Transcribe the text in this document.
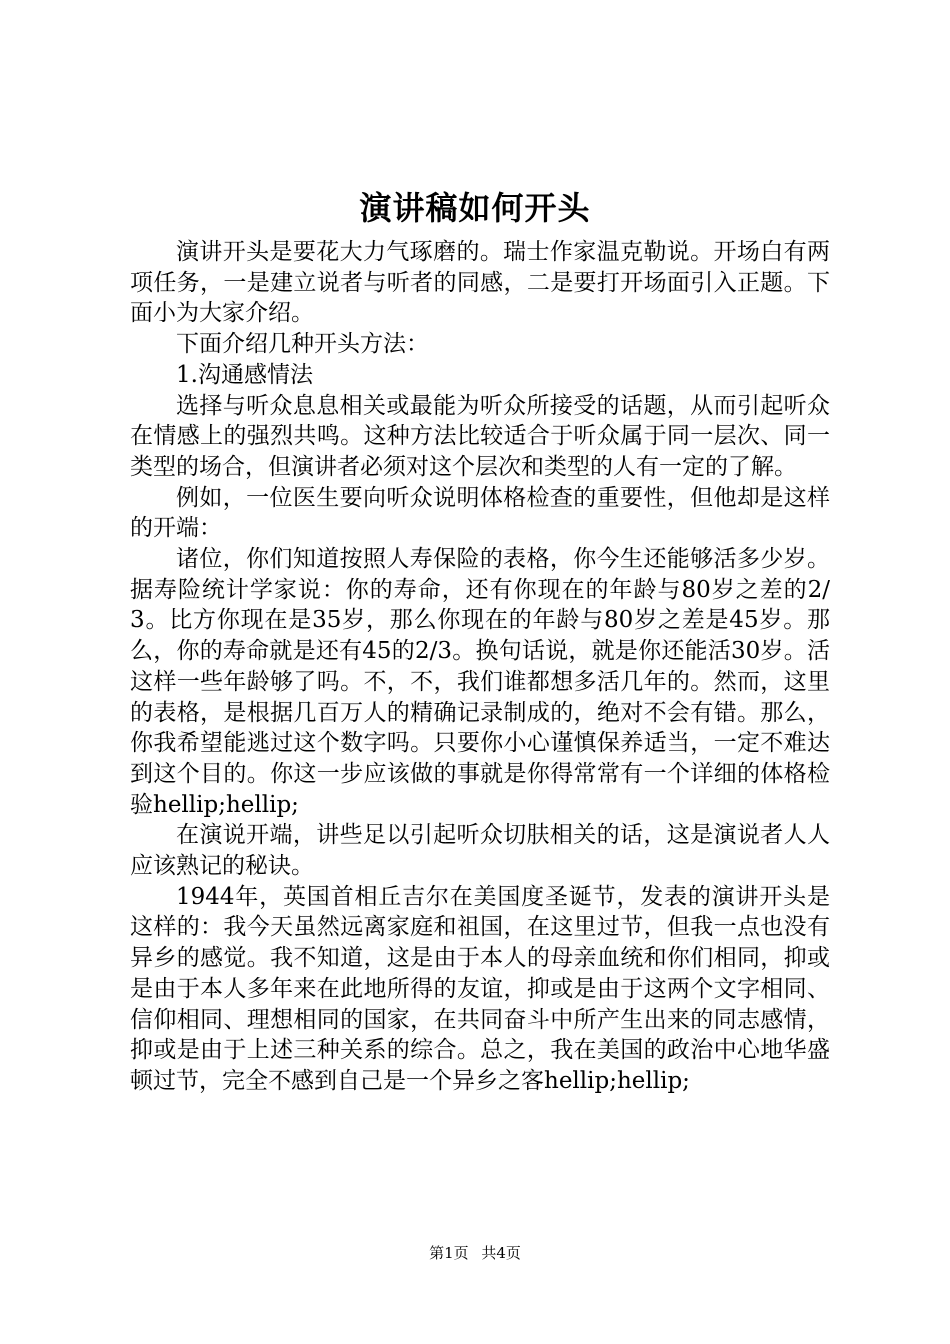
演讲稿如何开头

演讲开头是要花大力气琢磨的。瑞士作家温克勒说。开场白有两项任务，一是建立说者与听者的同感，二是要打开场面引入正题。下面小为大家介绍。

下面介绍几种开头方法：

1.沟通感情法

选择与听众息息相关或最能为听众所接受的话题，从而引起听众在情感上的强烈共鸣。这种方法比较适合于听众属于同一层次、同一类型的场合，但演讲者必须对这个层次和类型的人有一定的了解。

例如，一位医生要向听众说明体格检查的重要性，但他却是这样的开端：

诸位，你们知道按照人寿保险的表格，你今生还能够活多少岁。据寿险统计学家说：你的寿命，还有你现在的年龄与80岁之差的2/3。比方你现在是35岁，那么你现在的年龄与80岁之差是45岁。那么，你的寿命就是还有45的2/3。换句话说，就是你还能活30岁。活这样一些年龄够了吗。不，不，我们谁都想多活几年的。然而，这里的表格，是根据几百万人的精确记录制成的，绝对不会有错。那么，你我希望能逃过这个数字吗。只要你小心谨慎保养适当，一定不难达到这个目的。你这一步应该做的事就是你得常常有一个详细的体格检验hellip;hellip;

在演说开端，讲些足以引起听众切肤相关的话，这是演说者人人应该熟记的秘诀。

1944年，英国首相丘吉尔在美国度圣诞节，发表的演讲开头是这样的：我今天虽然远离家庭和祖国，在这里过节，但我一点也没有异乡的感觉。我不知道，这是由于本人的母亲血统和你们相同，抑或是由于本人多年来在此地所得的友谊，抑或是由于这两个文字相同、信仰相同、理想相同的国家，在共同奋斗中所产生出来的同志感情，抑或是由于上述三种关系的综合。总之，我在美国的政治中心地华盛顿过节，完全不感到自己是一个异乡之客hellip;hellip;

第1页 共4页
